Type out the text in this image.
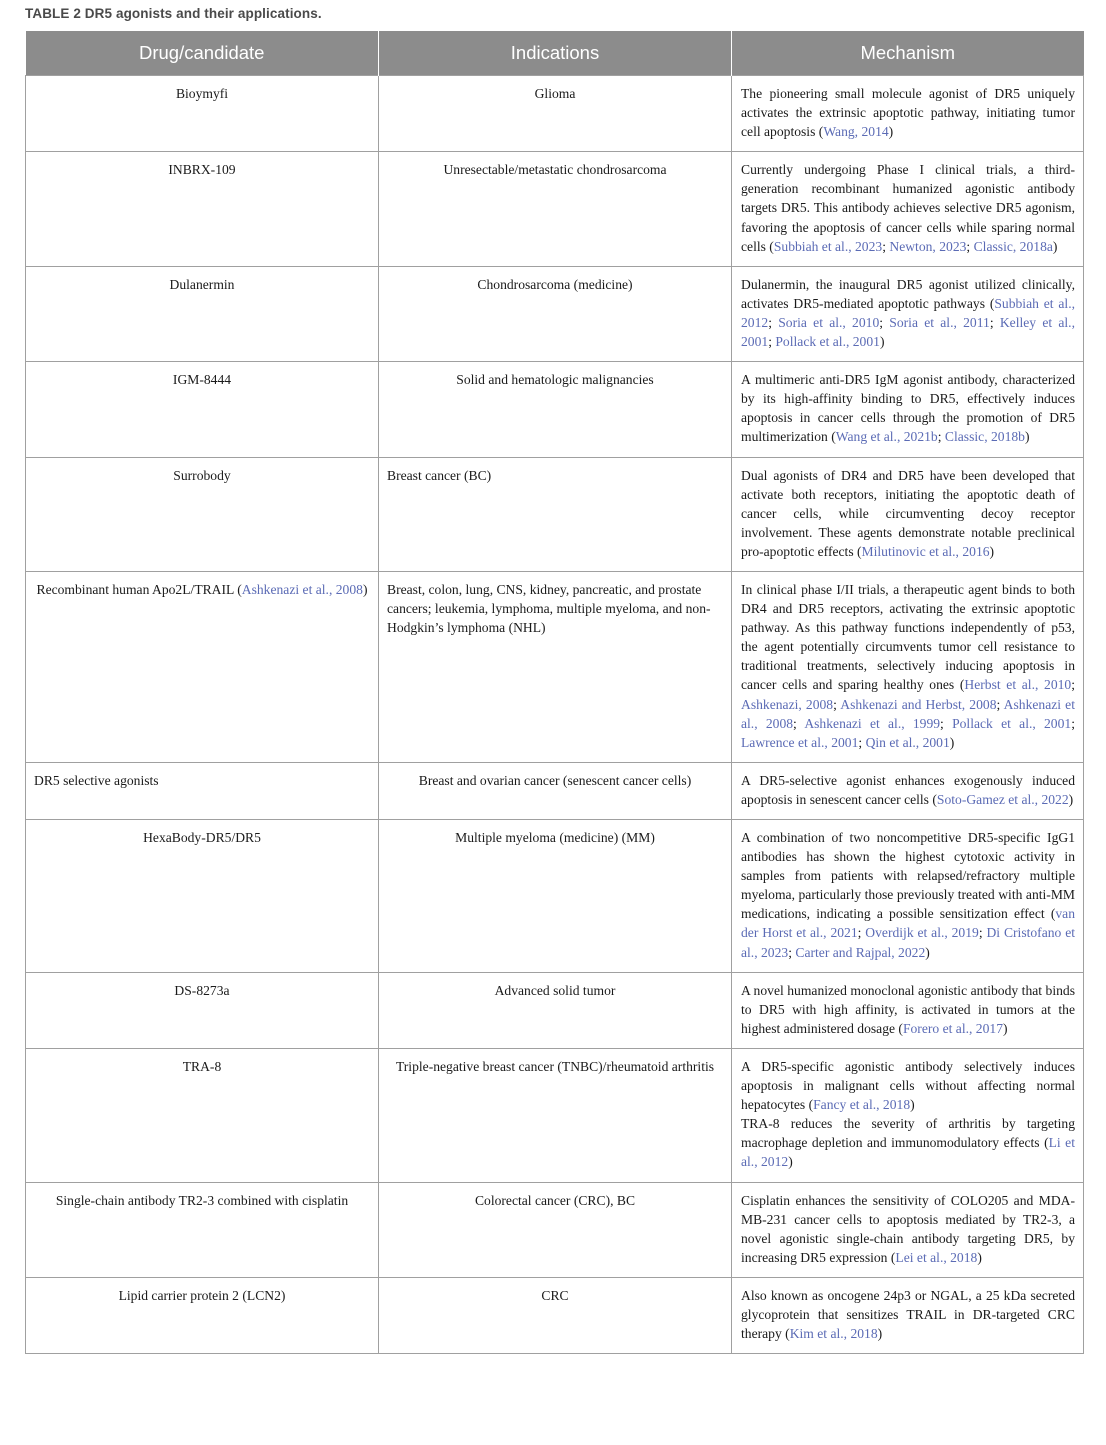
TABLE 2 DR5 agonists and their applications.
Drug/candidate	Indications	Mechanism
Bioymyfi	Glioma	The pioneering small molecule agonist of DR5 uniquely activates the extrinsic apoptotic pathway, initiating tumor cell apoptosis (Wang, 2014)
INBRX-109	Unresectable/metastatic chondrosarcoma	Currently undergoing Phase I clinical trials, a third-generation recombinant humanized agonistic antibody targets DR5. This antibody achieves selective DR5 agonism, favoring the apoptosis of cancer cells while sparing normal cells (Subbiah et al., 2023; Newton, 2023; Classic, 2018a)
Dulanermin	Chondrosarcoma (medicine)	Dulanermin, the inaugural DR5 agonist utilized clinically, activates DR5-mediated apoptotic pathways (Subbiah et al., 2012; Soria et al., 2010; Soria et al., 2011; Kelley et al., 2001; Pollack et al., 2001)
IGM-8444	Solid and hematologic malignancies	A multimeric anti-DR5 IgM agonist antibody, characterized by its high-affinity binding to DR5, effectively induces apoptosis in cancer cells through the promotion of DR5 multimerization (Wang et al., 2021b; Classic, 2018b)
Surrobody	Breast cancer (BC)	Dual agonists of DR4 and DR5 have been developed that activate both receptors, initiating the apoptotic death of cancer cells, while circumventing decoy receptor involvement. These agents demonstrate notable preclinical pro-apoptotic effects (Milutinovic et al., 2016)
Recombinant human Apo2L/TRAIL (Ashkenazi et al., 2008)	Breast, colon, lung, CNS, kidney, pancreatic, and prostate cancers; leukemia, lymphoma, multiple myeloma, and non-Hodgkin’s lymphoma (NHL)	In clinical phase I/II trials, a therapeutic agent binds to both DR4 and DR5 receptors, activating the extrinsic apoptotic pathway. As this pathway functions independently of p53, the agent potentially circumvents tumor cell resistance to traditional treatments, selectively inducing apoptosis in cancer cells and sparing healthy ones (Herbst et al., 2010; Ashkenazi, 2008; Ashkenazi and Herbst, 2008; Ashkenazi et al., 2008; Ashkenazi et al., 1999; Pollack et al., 2001; Lawrence et al., 2001; Qin et al., 2001)
DR5 selective agonists	Breast and ovarian cancer (senescent cancer cells)	A DR5-selective agonist enhances exogenously induced apoptosis in senescent cancer cells (Soto-Gamez et al., 2022)
HexaBody-DR5/DR5	Multiple myeloma (medicine) (MM)	A combination of two noncompetitive DR5-specific IgG1 antibodies has shown the highest cytotoxic activity in samples from patients with relapsed/refractory multiple myeloma, particularly those previously treated with anti-MM medications, indicating a possible sensitization effect (van der Horst et al., 2021; Overdijk et al., 2019; Di Cristofano et al., 2023; Carter and Rajpal, 2022)
DS-8273a	Advanced solid tumor	A novel humanized monoclonal agonistic antibody that binds to DR5 with high affinity, is activated in tumors at the highest administered dosage (Forero et al., 2017)
TRA-8	Triple-negative breast cancer (TNBC)/rheumatoid arthritis	A DR5-specific agonistic antibody selectively induces apoptosis in malignant cells without affecting normal hepatocytes (Fancy et al., 2018)
TRA-8 reduces the severity of arthritis by targeting macrophage depletion and immunomodulatory effects (Li et al., 2012)
Single-chain antibody TR2-3 combined with cisplatin	Colorectal cancer (CRC), BC	Cisplatin enhances the sensitivity of COLO205 and MDA-MB-231 cancer cells to apoptosis mediated by TR2-3, a novel agonistic single-chain antibody targeting DR5, by increasing DR5 expression (Lei et al., 2018)
Lipid carrier protein 2 (LCN2)	CRC	Also known as oncogene 24p3 or NGAL, a 25 kDa secreted glycoprotein that sensitizes TRAIL in DR-targeted CRC therapy (Kim et al., 2018)
